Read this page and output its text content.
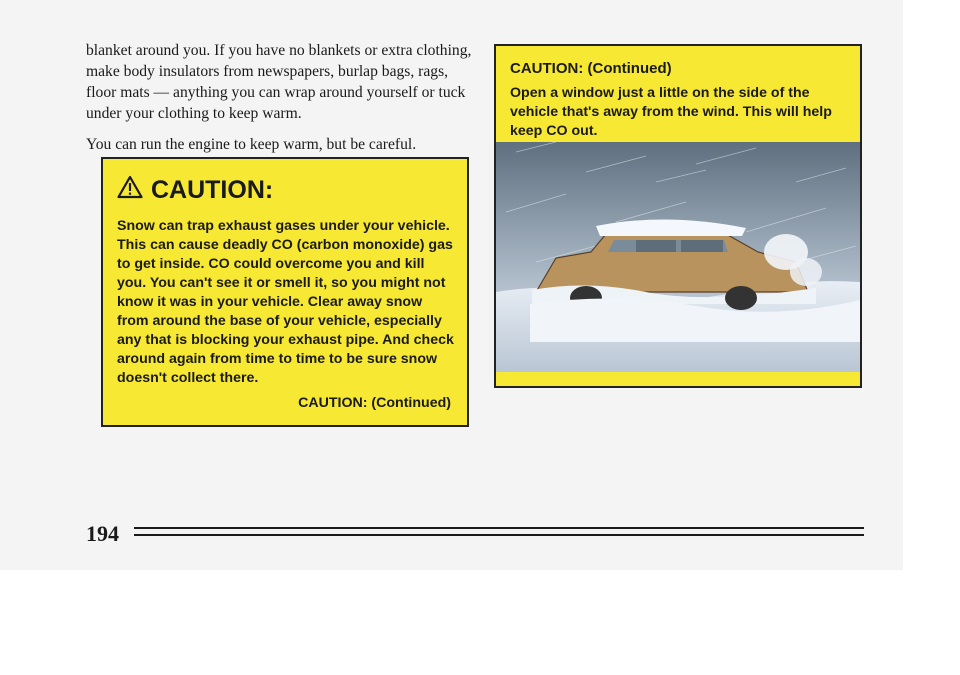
blanket around you. If you have no blankets or extra clothing, make body insulators from newspapers, burlap bags, rags, floor mats — anything you can wrap around yourself or tuck under your clothing to keep warm.

You can run the engine to keep warm, but be careful.

CAUTION:
Snow can trap exhaust gases under your vehicle. This can cause deadly CO (carbon monoxide) gas to get inside. CO could overcome you and kill you. You can't see it or smell it, so you might not know it was in your vehicle. Clear away snow from around the base of your vehicle, especially any that is blocking your exhaust pipe. And check around again from time to time to be sure snow doesn't collect there.
CAUTION: (Continued)
CAUTION: (Continued)
Open a window just a little on the side of the vehicle that's away from the wind. This will help keep CO out.
194
